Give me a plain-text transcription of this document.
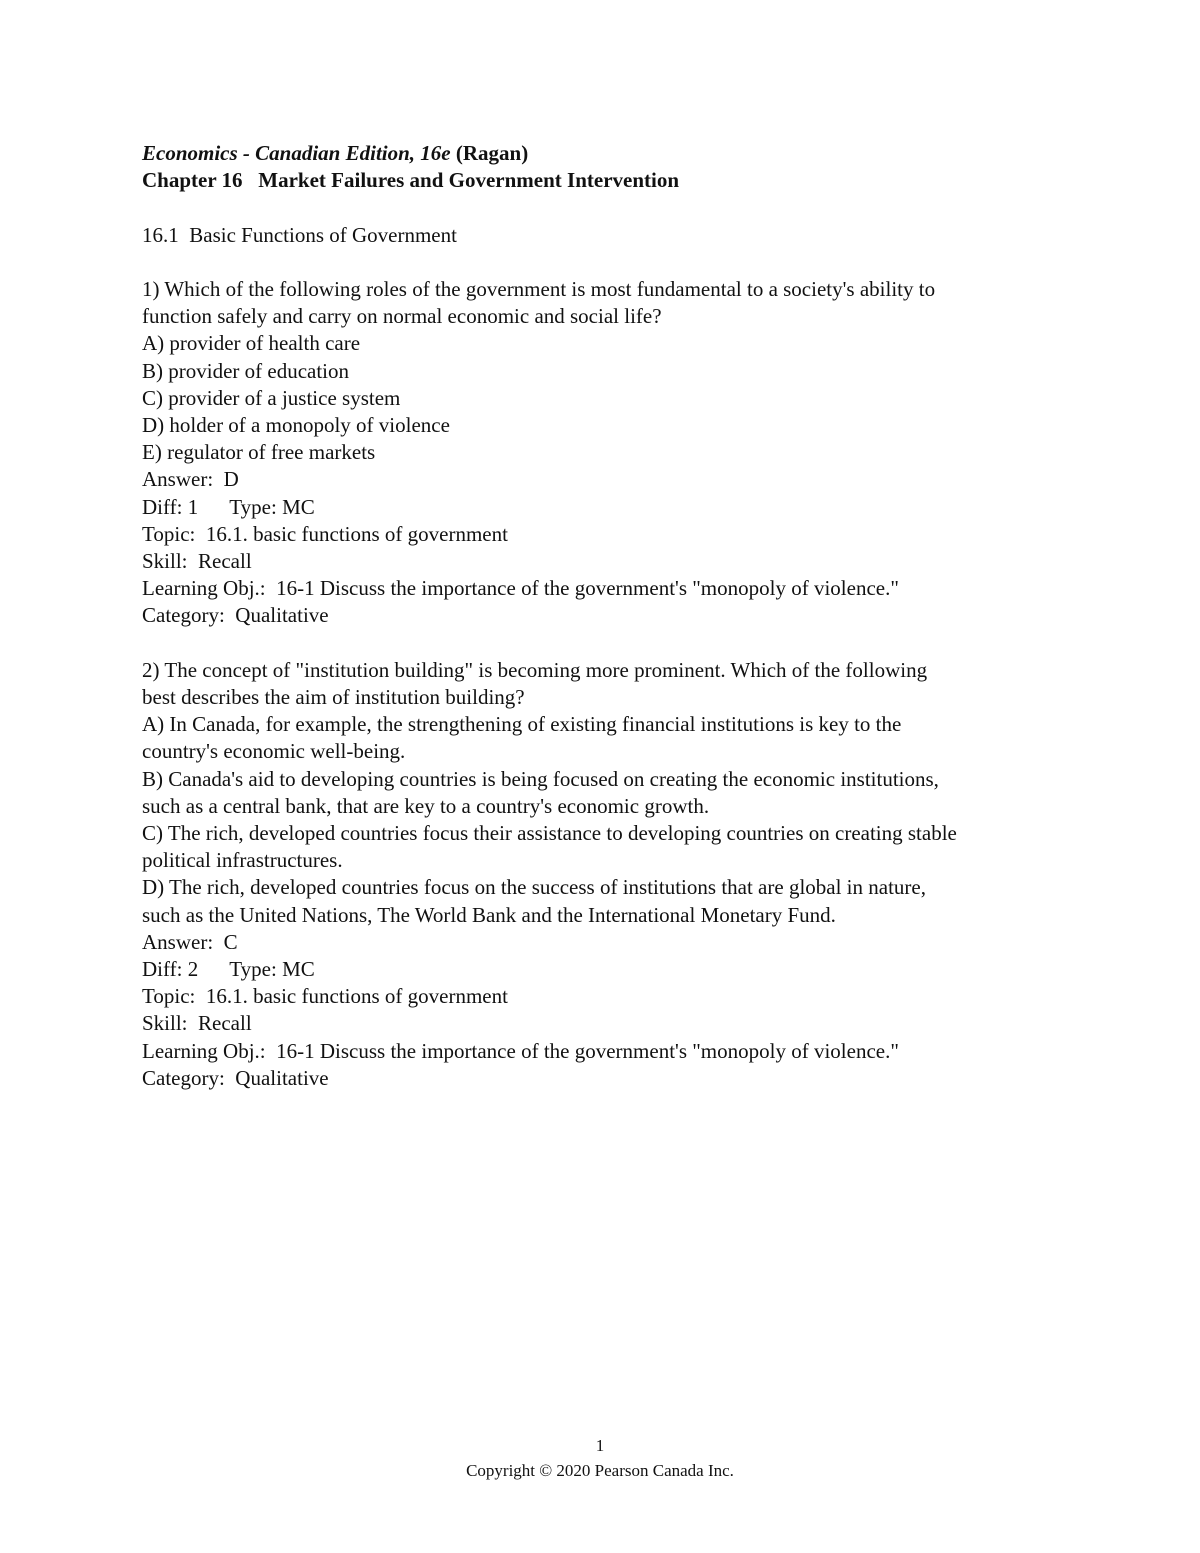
Economics - Canadian Edition, 16e (Ragan)
Chapter 16   Market Failures and Government Intervention
16.1  Basic Functions of Government
1) Which of the following roles of the government is most fundamental to a society's ability to
function safely and carry on normal economic and social life?
A) provider of health care
B) provider of education
C) provider of a justice system
D) holder of a monopoly of violence
E) regulator of free markets
Answer:  D
Diff: 1      Type: MC
Topic:  16.1. basic functions of government
Skill:  Recall
Learning Obj.:  16-1 Discuss the importance of the government's "monopoly of violence."
Category:  Qualitative
2) The concept of "institution building" is becoming more prominent. Which of the following
best describes the aim of institution building?
A) In Canada, for example, the strengthening of existing financial institutions is key to the
country's economic well-being.
B) Canada's aid to developing countries is being focused on creating the economic institutions,
such as a central bank, that are key to a country's economic growth.
C) The rich, developed countries focus their assistance to developing countries on creating stable
political infrastructures.
D) The rich, developed countries focus on the success of institutions that are global in nature,
such as the United Nations, The World Bank and the International Monetary Fund.
Answer:  C
Diff: 2      Type: MC
Topic:  16.1. basic functions of government
Skill:  Recall
Learning Obj.:  16-1 Discuss the importance of the government's "monopoly of violence."
Category:  Qualitative
1
Copyright © 2020 Pearson Canada Inc.
